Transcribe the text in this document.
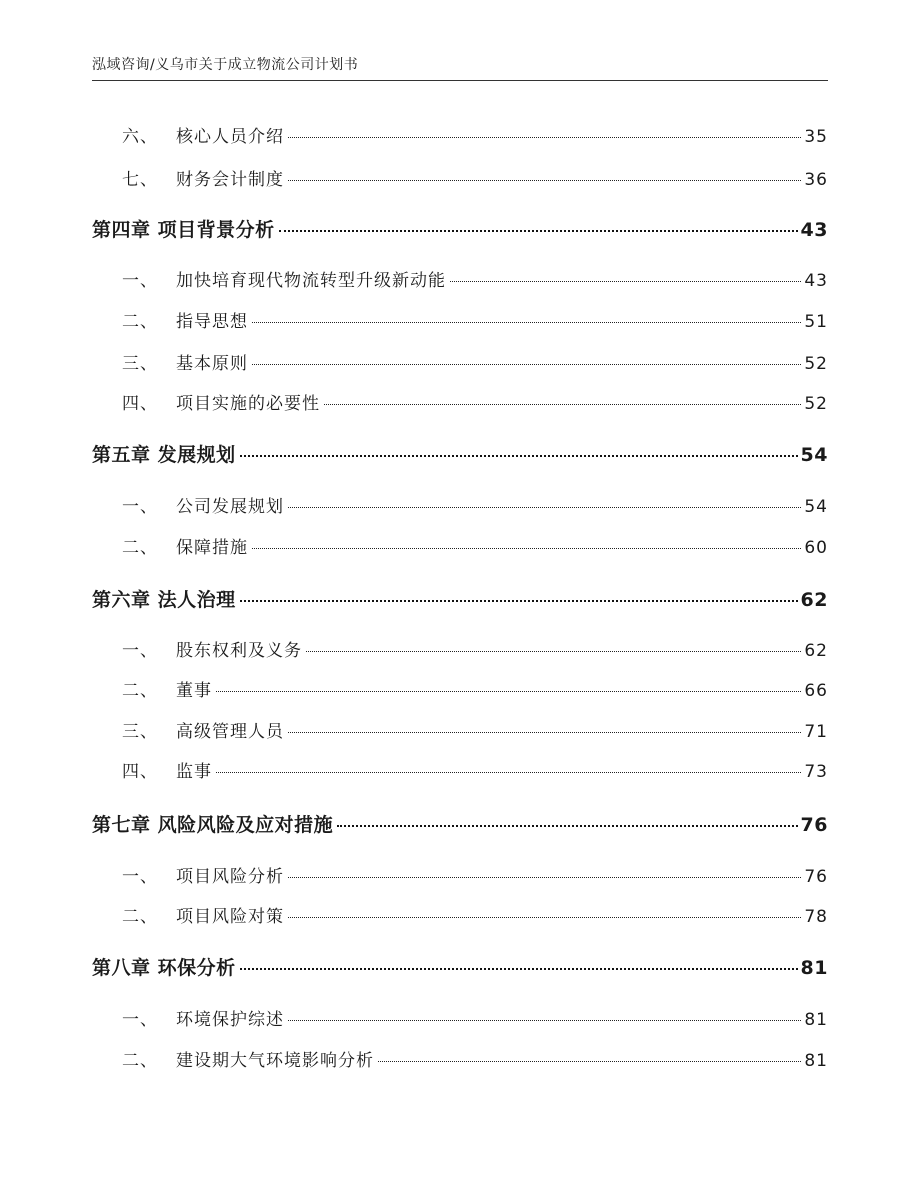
泓域咨询/义乌市关于成立物流公司计划书
六、	核心人员介绍	35
七、	财务会计制度	36
第四章 项目背景分析	43
一、	加快培育现代物流转型升级新动能	43
二、	指导思想	51
三、	基本原则	52
四、	项目实施的必要性	52
第五章 发展规划	54
一、	公司发展规划	54
二、	保障措施	60
第六章 法人治理	62
一、	股东权利及义务	62
二、	董事	66
三、	高级管理人员	71
四、	监事	73
第七章 风险风险及应对措施	76
一、	项目风险分析	76
二、	项目风险对策	78
第八章 环保分析	81
一、	环境保护综述	81
二、	建设期大气环境影响分析	81
